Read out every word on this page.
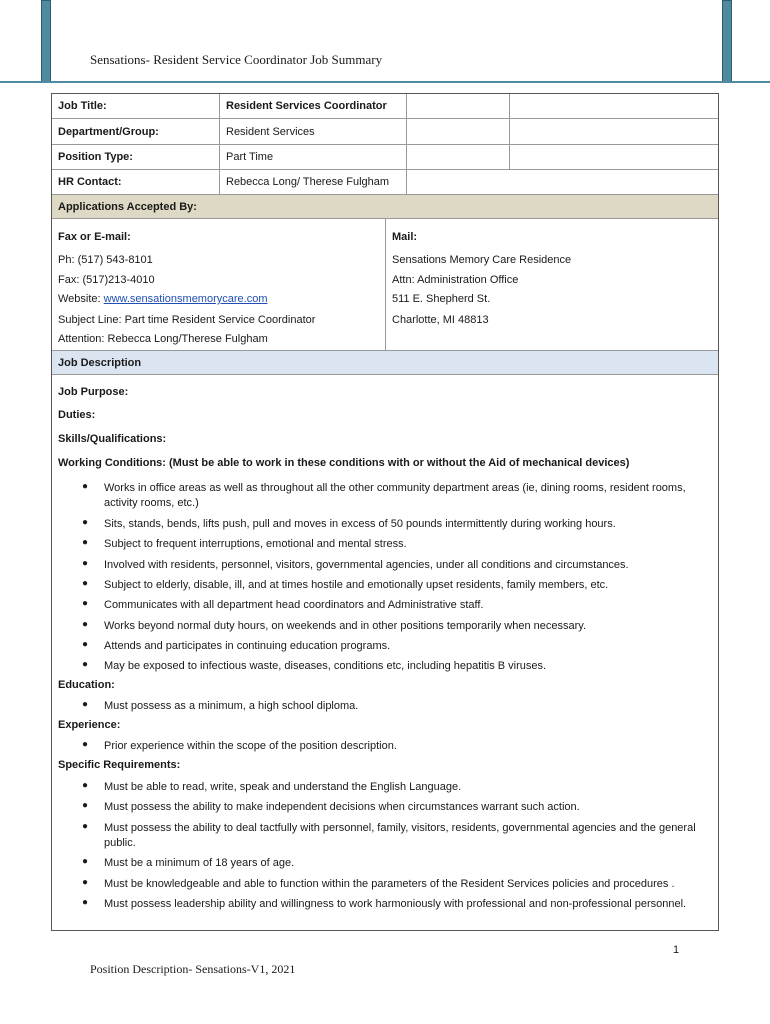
Sensations- Resident Service Coordinator Job Summary
Job Title:	Resident Services Coordinator
Department/Group:	Resident Services
Position Type:	Part Time
HR Contact:	Rebecca Long/ Therese Fulgham
Applications Accepted By:
Fax or E-mail:
Ph: (517) 543-8101
Fax: (517)213-4010
Website: www.sensationsmemorycare.com
Subject Line: Part time Resident Service Coordinator
Attention: Rebecca Long/Therese Fulgham
Mail:
Sensations Memory Care Residence
Attn: Administration Office
511 E. Shepherd St.
Charlotte, MI 48813
Job Description
Job Purpose:
Duties:
Skills/Qualifications:
Working Conditions: (Must be able to work in these conditions with or without the Aid of mechanical devices)
● Works in office areas as well as throughout all the other community department areas (ie, dining rooms, resident rooms, activity rooms, etc.)
● Sits, stands, bends, lifts push, pull and moves in excess of 50 pounds intermittently during working hours.
● Subject to frequent interruptions, emotional and mental stress.
● Involved with residents, personnel, visitors, governmental agencies, under all conditions and circumstances.
● Subject to elderly, disable, ill, and at times hostile and emotionally upset residents, family members, etc.
● Communicates with all department head coordinators and Administrative staff.
● Works beyond normal duty hours, on weekends and in other positions temporarily when necessary.
● Attends and participates in continuing education programs.
● May be exposed to infectious waste, diseases, conditions etc, including hepatitis B viruses.
Education:
● Must possess as a minimum, a high school diploma.
Experience:
● Prior experience within the scope of the position description.
Specific Requirements:
● Must be able to read, write, speak and understand the English Language.
● Must possess the ability to make independent decisions when circumstances warrant such action.
● Must possess the ability to deal tactfully with personnel, family, visitors, residents, governmental agencies and the general public.
● Must be a minimum of 18 years of age.
● Must be knowledgeable and able to function within the parameters of the Resident Services policies and procedures .
● Must possess leadership ability and willingness to work harmoniously with professional and non-professional personnel.
1
Position Description- Sensations-V1, 2021
